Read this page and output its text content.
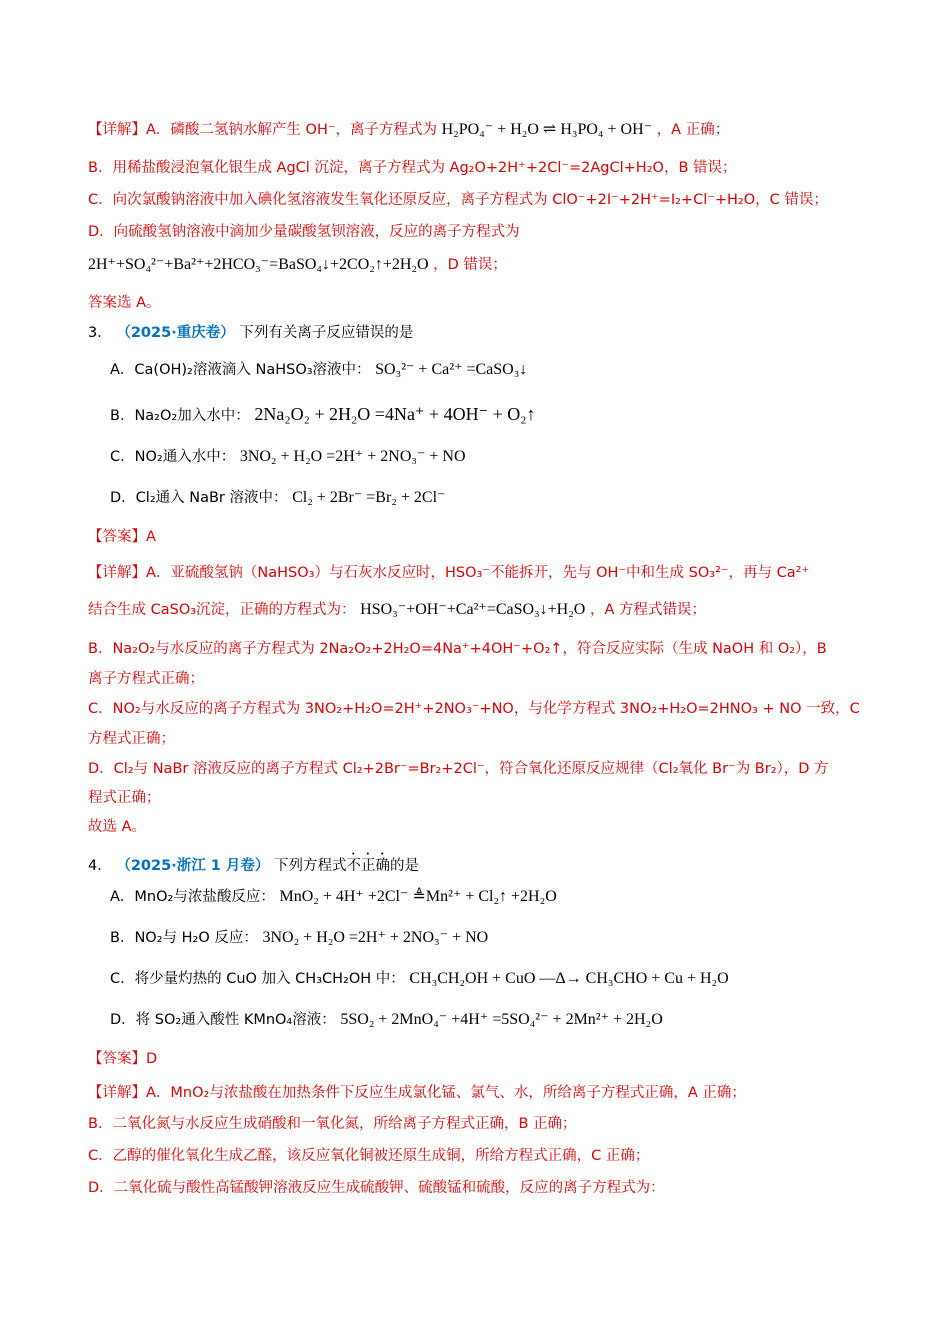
【详解】A．磷酸二氢钠水解产生 OH⁻，离子方程式为 H₂PO₄⁻ + H₂O ⇌ H₃PO₄ + OH⁻ ，A 正确；
B．用稀盐酸浸泡氧化银生成 AgCl 沉淀，离子方程式为 Ag₂O+2H⁺+2Cl⁻=2AgCl+H₂O，B 错误；
C．向次氯酸钠溶液中加入碘化氢溶液发生氧化还原反应，离子方程式为 ClO⁻+2I⁻+2H⁺=I₂+Cl⁻+H₂O，C 错误；
D．向硫酸氢钠溶液中滴加少量碳酸氢钡溶液，反应的离子方程式为
2H⁺+SO₄²⁻+Ba²⁺+2HCO₃⁻=BaSO₄↓+2CO₂↑+2H₂O ，D 错误；
答案选 A。
3． （2025·重庆卷） 下列有关离子反应错误的是
A．Ca(OH)₂溶液滴入 NaHSO₃溶液中： SO₃²⁻ + Ca²⁺ =CaSO₃↓
B．Na₂O₂加入水中： 2Na₂O₂ + 2H₂O =4Na⁺ + 4OH⁻ + O₂↑
C．NO₂通入水中： 3NO₂ + H₂O =2H⁺ + 2NO₃⁻ + NO
D．Cl₂通入 NaBr 溶液中： Cl₂ + 2Br⁻ =Br₂ + 2Cl⁻
【答案】A
【详解】A．亚硫酸氢钠（NaHSO₃）与石灰水反应时，HSO₃⁻不能拆开，先与 OH⁻中和生成 SO₃²⁻，再与 Ca²⁺
结合生成 CaSO₃沉淀，正确的方程式为： HSO₃⁻+OH⁻+Ca²⁺=CaSO₃↓+H₂O ，A 方程式错误；
B．Na₂O₂与水反应的离子方程式为 2Na₂O₂+2H₂O=4Na⁺+4OH⁻+O₂↑，符合反应实际（生成 NaOH 和 O₂），B
离子方程式正确；
C．NO₂与水反应的离子方程式为 3NO₂+H₂O=2H⁺+2NO₃⁻+NO，与化学方程式 3NO₂+H₂O=2HNO₃ + NO 一致，C
方程式正确；
D．Cl₂与 NaBr 溶液反应的离子方程式 Cl₂+2Br⁻=Br₂+2Cl⁻，符合氧化还原反应规律（Cl₂氧化 Br⁻为 Br₂），D 方
程式正确；
故选 A。
4． （2025·浙江 1 月卷） 下列方程式不正确的是
A．MnO₂与浓盐酸反应： MnO₂ + 4H⁺ +2Cl⁻ ≜Mn²⁺ + Cl₂↑ +2H₂O
B．NO₂与 H₂O 反应： 3NO₂ + H₂O =2H⁺ + 2NO₃⁻ + NO
C．将少量灼热的 CuO 加入 CH₃CH₂OH 中： CH₃CH₂OH + CuO —Δ→ CH₃CHO + Cu + H₂O
D．将 SO₂通入酸性 KMnO₄溶液： 5SO₂ + 2MnO₄⁻ +4H⁺ =5SO₄²⁻ + 2Mn²⁺ + 2H₂O
【答案】D
【详解】A．MnO₂与浓盐酸在加热条件下反应生成氯化锰、氯气、水，所给离子方程式正确，A 正确；
B．二氧化氮与水反应生成硝酸和一氧化氮，所给离子方程式正确，B 正确；
C．乙醇的催化氧化生成乙醛，该反应氧化铜被还原生成铜，所给方程式正确，C 正确；
D．二氧化硫与酸性高锰酸钾溶液反应生成硫酸钾、硫酸锰和硫酸，反应的离子方程式为：
